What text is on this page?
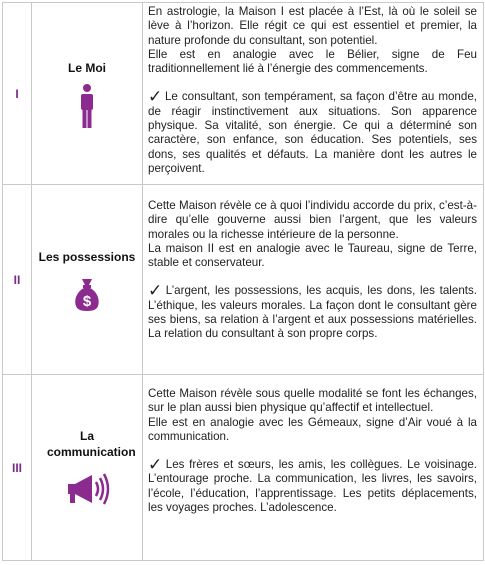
I
Le Moi

En astrologie, la Maison I est placée à l’Est, là où le soleil se lève à l’horizon. Elle régit ce qui est essentiel et premier, la nature profonde du consultant, son potentiel.

Elle est en analogie avec le Bélier, signe de Feu traditionnellement lié à l’énergie des commencements.

✓ Le consultant, son tempérament, sa façon d’être au monde, de réagir instinctivement aux situations. Son apparence physique. Sa vitalité, son énergie. Ce qui a déterminé son caractère, son enfance, son éducation. Ses potentiels, ses dons, ses qualités et défauts. La manière dont les autres le perçoivent.

II
Les possessions
$

Cette Maison révèle ce à quoi l’individu accorde du prix, c’est-à-dire qu’elle gouverne aussi bien l’argent, que les valeurs morales ou la richesse intérieure de la personne.

La maison II est en analogie avec le Taureau, signe de Terre, stable et conservateur.

✓ L’argent, les possessions, les acquis, les dons, les talents. L’éthique, les valeurs morales. La façon dont le consultant gère ses biens, sa relation à l’argent et aux possessions matérielles. La relation du consultant à son propre corps.

III
La communication

Cette Maison révèle sous quelle modalité se font les échanges, sur le plan aussi bien physique qu’affectif et intellectuel.

Elle est en analogie avec les Gémeaux, signe d’Air voué à la communication.

✓ Les frères et sœurs, les amis, les collègues. Le voisinage. L’entourage proche. La communication, les livres, les savoirs, l’école, l’éducation, l’apprentissage. Les petits déplacements, les voyages proches. L’adolescence.
